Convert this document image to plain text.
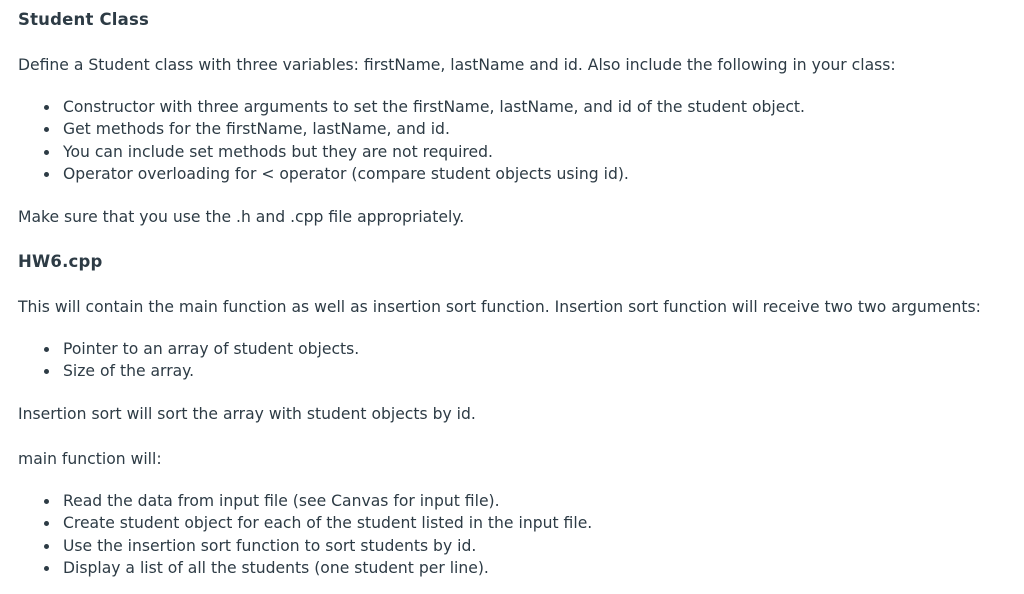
Student Class
Define a Student class with three variables: firstName, lastName and id. Also include the following in your class:
Constructor with three arguments to set the firstName, lastName, and id of the student object.
Get methods for the firstName, lastName, and id.
You can include set methods but they are not required.
Operator overloading for < operator (compare student objects using id).
Make sure that you use the .h and .cpp file appropriately.
HW6.cpp
This will contain the main function as well as insertion sort function. Insertion sort function will receive two two arguments:
Pointer to an array of student objects.
Size of the array.
Insertion sort will sort the array with student objects by id.
main function will:
Read the data from input file (see Canvas for input file).
Create student object for each of the student listed in the input file.
Use the insertion sort function to sort students by id.
Display a list of all the students (one student per line).
